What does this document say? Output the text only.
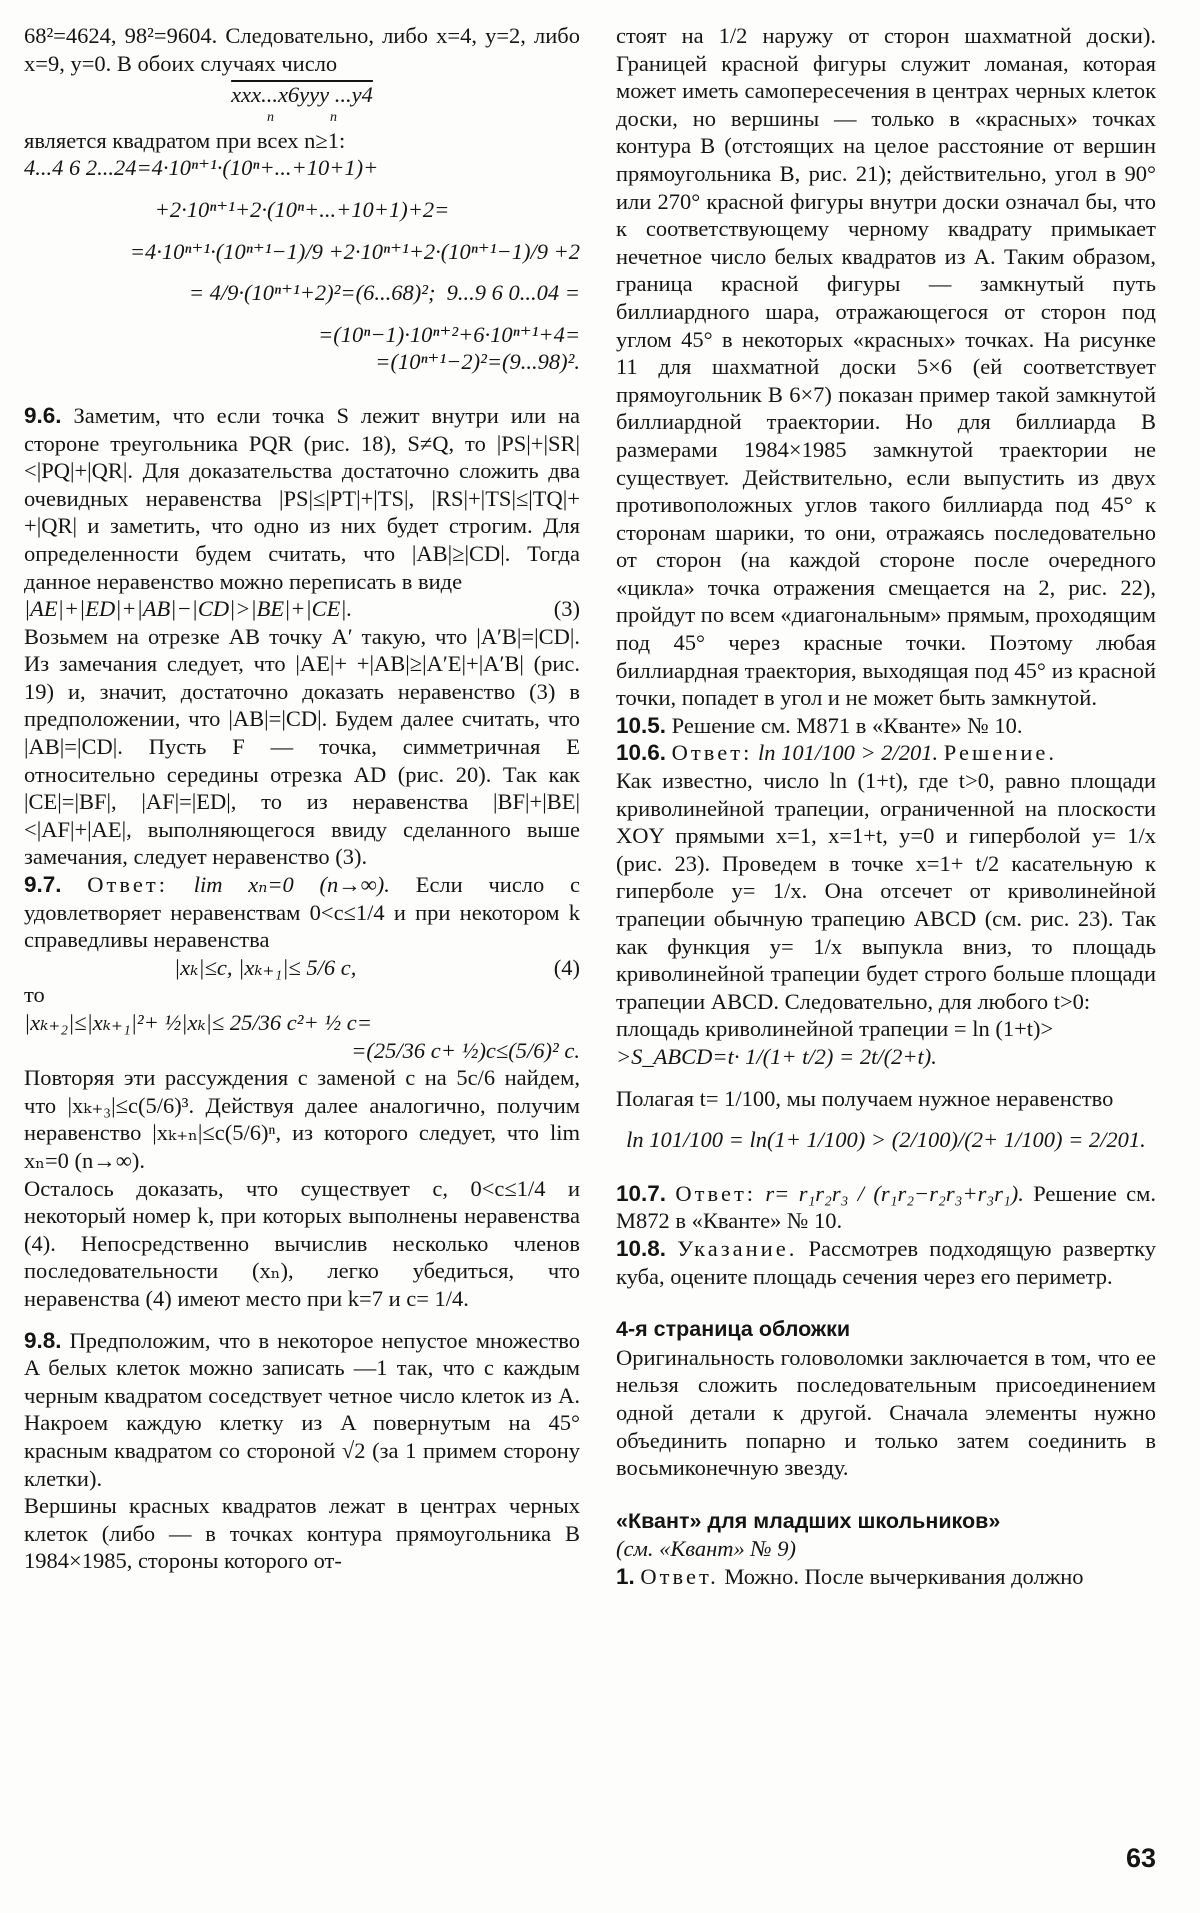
68²=4624, 98²=9604. Следовательно, либо x=4, y=2, либо x=9, y=0. В обоих случаях число

xxx...x6yyy ...y4
n                n

является квадратом при всех n≥1:

4...4 6 2...24=4·10ⁿ⁺¹·(10ⁿ+...+10+1)+
+2·10ⁿ⁺¹+2·(10ⁿ+...+10+1)+2=
=4·10ⁿ⁺¹·(10ⁿ⁺¹−1)/9 +2·10ⁿ⁺¹+2·(10ⁿ⁺¹−1)/9 +2
= 4/9·(10ⁿ⁺¹+2)²=(6...68)²;  9...9 6 0...04 =
=(10ⁿ−1)·10ⁿ⁺²+6·10ⁿ⁺¹+4=
=(10ⁿ⁺¹−2)²=(9...98)².

9.6. Заметим, что если точка S лежит внутри или на стороне треугольника PQR (рис. 18), S≠Q, то |PS|+|SR|<|PQ|+|QR|. Для доказательства достаточно сложить два очевидных неравенства |PS|≤|PT|+|TS|, |RS|+|TS|≤|TQ|+ +|QR| и заметить, что одно из них будет строгим. Для определенности будем считать, что |AB|≥|CD|. Тогда данное неравенство можно переписать в виде

|AE|+|ED|+|AB|−|CD|>|BE|+|CE|.	(3)

Возьмем на отрезке AB точку A′ такую, что |A′B|=|CD|. Из замечания следует, что |AE|+ +|AB|≥|A′E|+|A′B| (рис. 19) и, значит, достаточно доказать неравенство (3) в предположении, что |AB|=|CD|. Будем далее считать, что |AB|=|CD|. Пусть F — точка, симметричная E относительно середины отрезка AD (рис. 20). Так как |CE|=|BF|, |AF|=|ED|, то из неравенства |BF|+|BE|<|AF|+|AE|, выполняющегося ввиду сделанного выше замечания, следует неравенство (3).

9.7. Ответ: lim xₙ=0 (n→∞). Если число c удовлетворяет неравенствам 0<c≤1/4 и при некотором k справедливы неравенства

|xₖ|≤c, |xₖ₊₁|≤ 5/6 c,	(4)

то

|xₖ₊₂|≤|xₖ₊₁|²+ ½|xₖ|≤ 25/36 c²+ ½ c=
=(25/36 c+ ½)c≤(5/6)² c.

Повторяя эти рассуждения с заменой c на 5c/6 найдем, что |xₖ₊₃|≤c(5/6)³. Действуя далее аналогично, получим неравенство |xₖ₊ₙ|≤c(5/6)ⁿ, из которого следует, что lim xₙ=0 (n→∞).

Осталось доказать, что существует c, 0<c≤1/4 и некоторый номер k, при которых выполнены неравенства (4). Непосредственно вычислив несколько членов последовательности (xₙ), легко убедиться, что неравенства (4) имеют место при k=7 и c= 1/4.

9.8. Предположим, что в некоторое непустое множество A белых клеток можно записать —1 так, что с каждым черным квадратом соседствует четное число клеток из A. Накроем каждую клетку из A повернутым на 45° красным квадратом со стороной √2 (за 1 примем сторону клетки).

Вершины красных квадратов лежат в центрах черных клеток (либо — в точках контура прямоугольника B 1984×1985, стороны которого от-

стоят на 1/2 наружу от сторон шахматной доски). Границей красной фигуры служит ломаная, которая может иметь самопересечения в центрах черных клеток доски, но вершины — только в «красных» точках контура B (отстоящих на целое расстояние от вершин прямоугольника B, рис. 21); действительно, угол в 90° или 270° красной фигуры внутри доски означал бы, что к соответствующему черному квадрату примыкает нечетное число белых квадратов из A. Таким образом, граница красной фигуры — замкнутый путь биллиардного шара, отражающегося от сторон под углом 45° в некоторых «красных» точках. На рисунке 11 для шахматной доски 5×6 (ей соответствует прямоугольник B 6×7) показан пример такой замкнутой биллиардной траектории. Но для биллиарда B размерами 1984×1985 замкнутой траектории не существует. Действительно, если выпустить из двух противоположных углов такого биллиарда под 45° к сторонам шарики, то они, отражаясь последовательно от сторон (на каждой стороне после очередного «цикла» точка отражения смещается на 2, рис. 22), пройдут по всем «диагональным» прямым, проходящим под 45° через красные точки. Поэтому любая биллиардная траектория, выходящая под 45° из красной точки, попадет в угол и не может быть замкнутой.

10.5. Решение см. М871 в «Кванте» № 10.

10.6. Ответ: ln 101/100 > 2/201. Решение.

Как известно, число ln (1+t), где t>0, равно площади криволинейной трапеции, ограниченной на плоскости XOY прямыми x=1, x=1+t, y=0 и гиперболой y= 1/x (рис. 23). Проведем в точке x=1+ t/2 касательную к гиперболе y= 1/x. Она отсечет от криволинейной трапеции обычную трапецию ABCD (см. рис. 23). Так как функция y= 1/x выпукла вниз, то площадь криволинейной трапеции будет строго больше площади трапеции ABCD. Следовательно, для любого t>0:

площадь криволинейной трапеции = ln (1+t)>

>S_ABCD=t· 1/(1+ t/2) = 2t/(2+t).

Полагая t= 1/100, мы получаем нужное неравенство

ln 101/100 = ln(1+ 1/100) > (2/100)/(2+ 1/100) = 2/201.

10.7. Ответ: r= r₁r₂r₃ / (r₁r₂−r₂r₃+r₃r₁). Решение см. М872 в «Кванте» № 10.

10.8. Указание. Рассмотрев подходящую развертку куба, оцените площадь сечения через его периметр.

4-я страница обложки

Оригинальность головоломки заключается в том, что ее нельзя сложить последовательным присоединением одной детали к другой. Сначала элементы нужно объединить попарно и только затем соединить в восьмиконечную звезду.

«Квант» для младших школьников»

(см. «Квант» № 9)

1. Ответ. Можно. После вычеркивания должно

63
